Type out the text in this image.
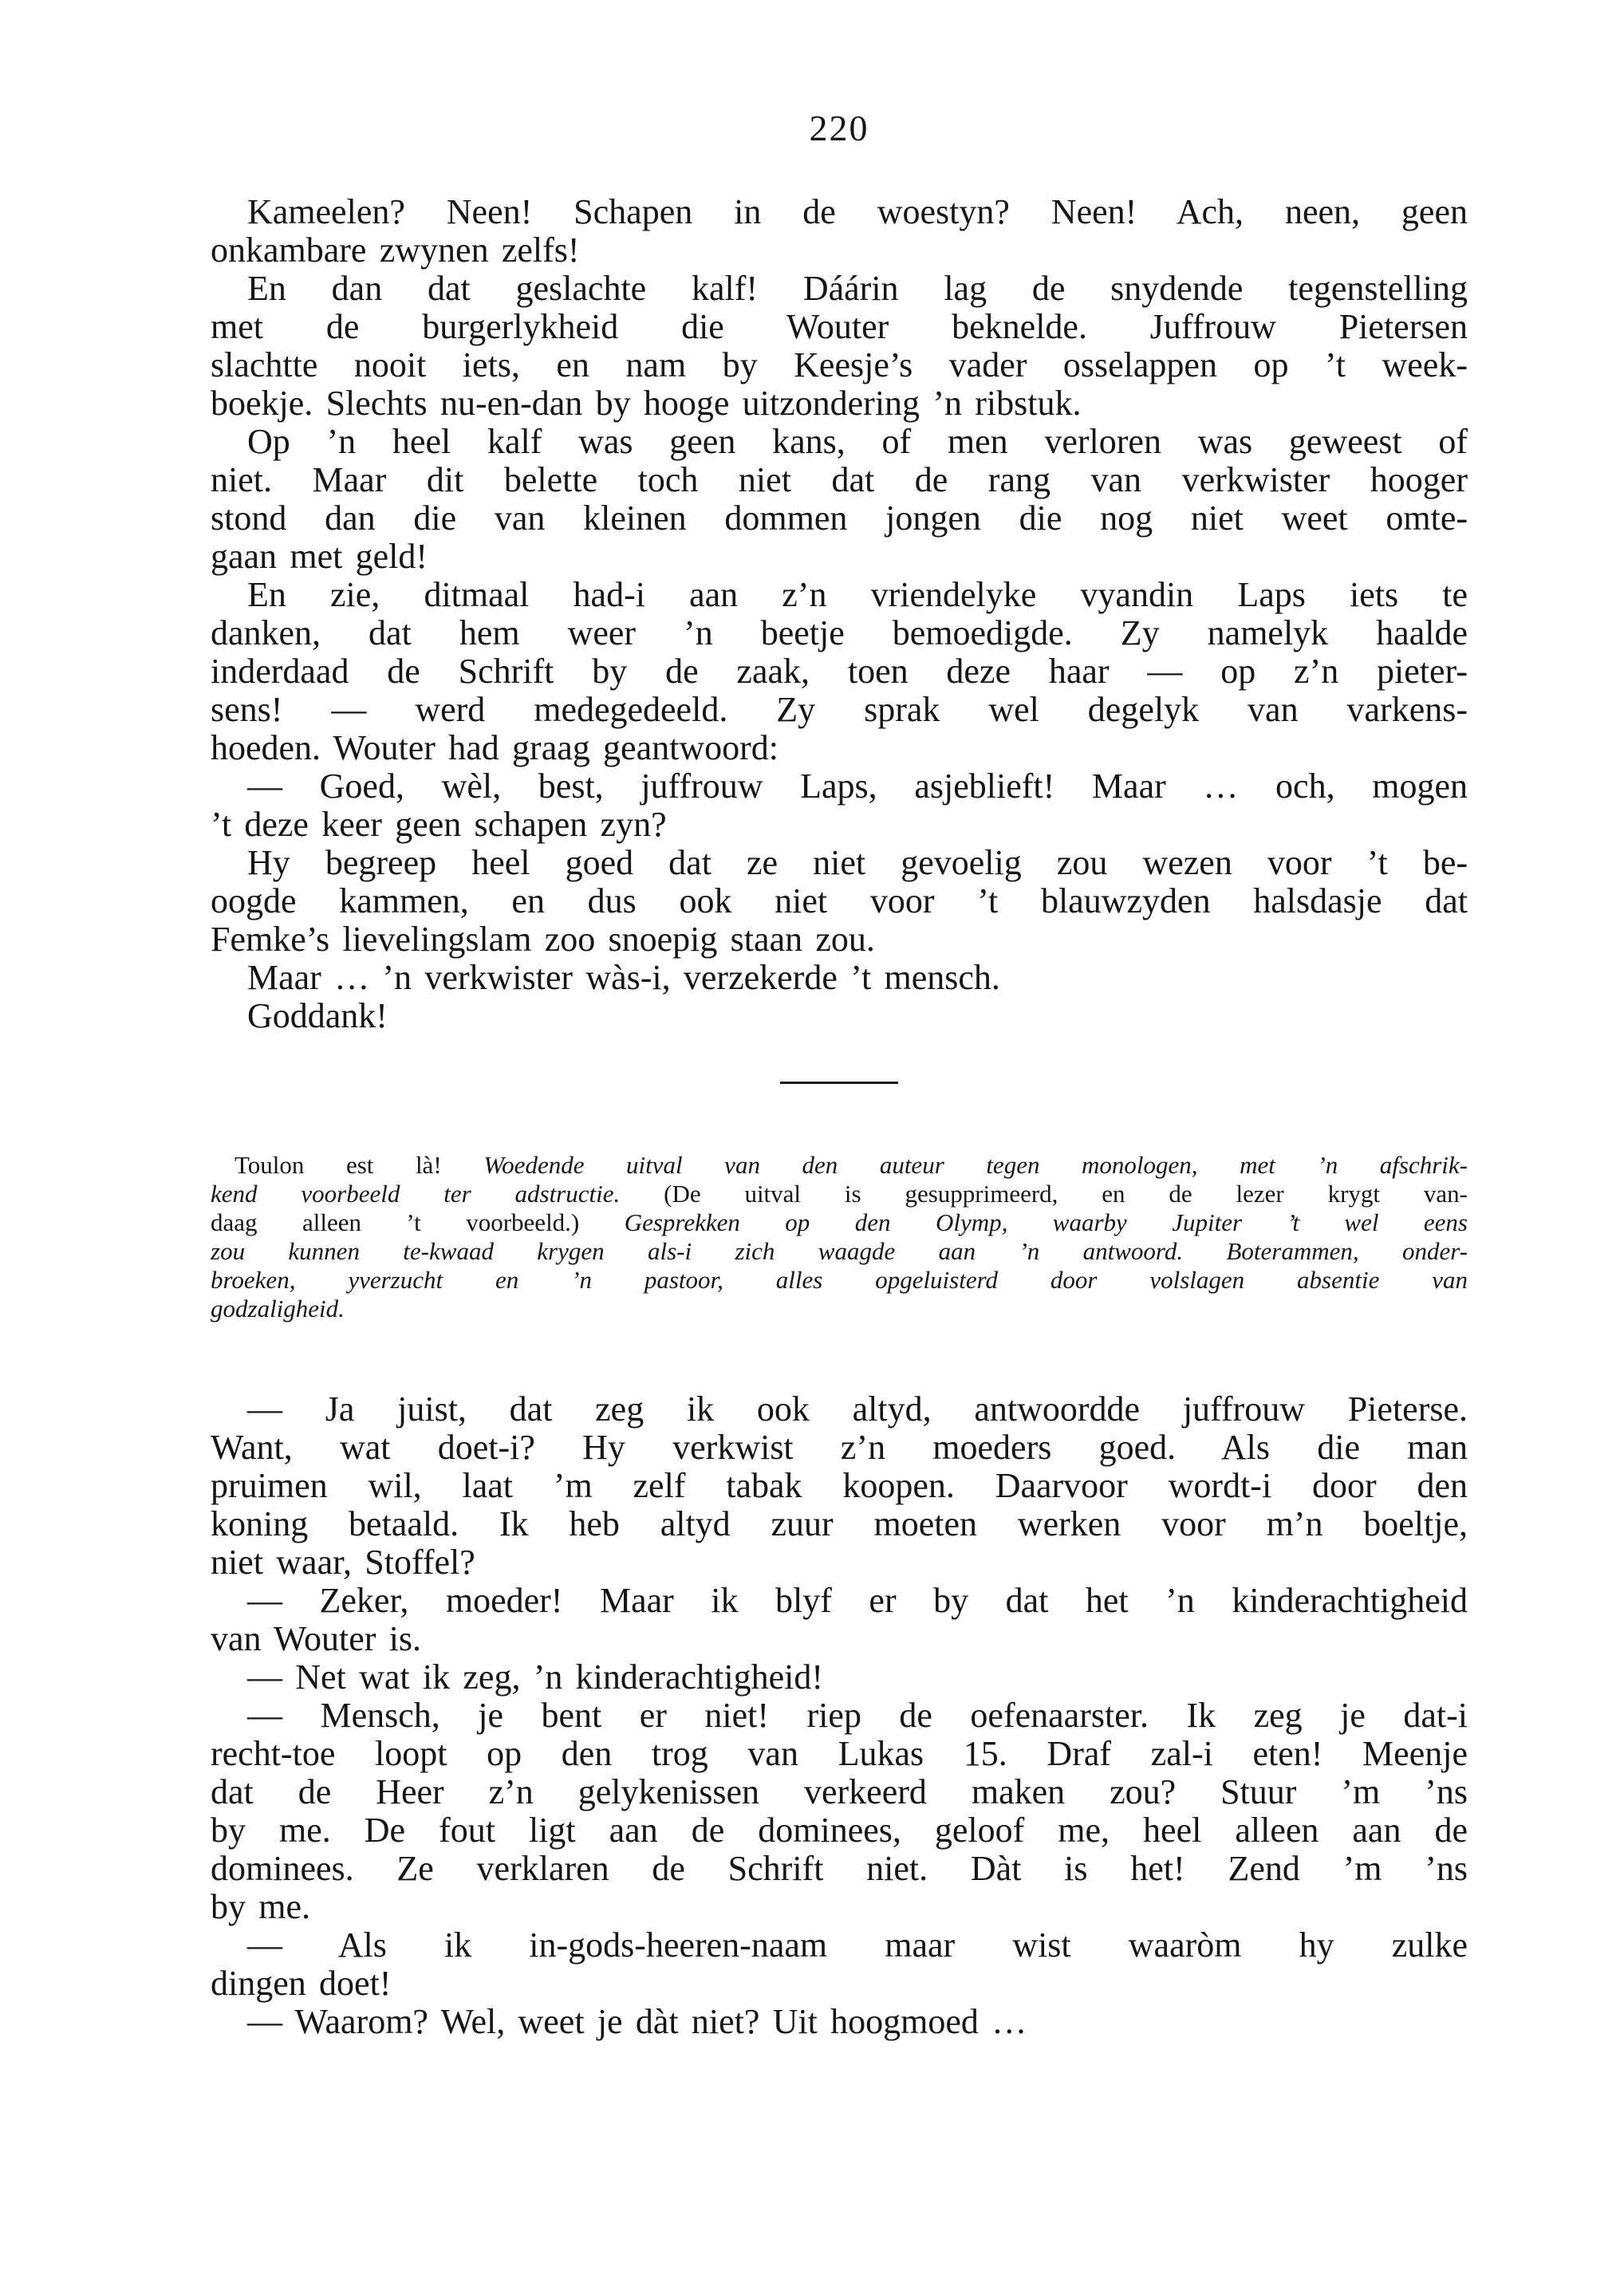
220
Kameelen? Neen! Schapen in de woestyn? Neen! Ach, neen, geen
onkambare zwynen zelfs!
En dan dat geslachte kalf! Dáárin lag de snydende tegenstelling
met de burgerlykheid die Wouter beknelde. Juffrouw Pietersen
slachtte nooit iets, en nam by Keesje’s vader osselappen op ’t week-
boekje. Slechts nu-en-dan by hooge uitzondering ’n ribstuk.
Op ’n heel kalf was geen kans, of men verloren was geweest of
niet. Maar dit belette toch niet dat de rang van verkwister hooger
stond dan die van kleinen dommen jongen die nog niet weet omte-
gaan met geld!
En zie, ditmaal had-i aan z’n vriendelyke vyandin Laps iets te
danken, dat hem weer ’n beetje bemoedigde. Zy namelyk haalde
inderdaad de Schrift by de zaak, toen deze haar — op z’n pieter-
sens! — werd medegedeeld. Zy sprak wel degelyk van varkens-
hoeden. Wouter had graag geantwoord:
— Goed, wèl, best, juffrouw Laps, asjeblieft! Maar … och, mogen
’t deze keer geen schapen zyn?
Hy begreep heel goed dat ze niet gevoelig zou wezen voor ’t be-
oogde kammen, en dus ook niet voor ’t blauwzyden halsdasje dat
Femke’s lievelingslam zoo snoepig staan zou.
Maar … ’n verkwister wàs-i, verzekerde ’t mensch.
Goddank!
Toulon est là! Woedende uitval van den auteur tegen monologen, met ’n afschrik-
kend voorbeeld ter adstructie. (De uitval is gesupprimeerd, en de lezer krygt van-
daag alleen ’t voorbeeld.) Gesprekken op den Olymp, waarby Jupiter ’t wel eens
zou kunnen te-kwaad krygen als-i zich waagde aan ’n antwoord. Boterammen, onder-
broeken, yverzucht en ’n pastoor, alles opgeluisterd door volslagen absentie van
godzaligheid.
— Ja juist, dat zeg ik ook altyd, antwoordde juffrouw Pieterse.
Want, wat doet-i? Hy verkwist z’n moeders goed. Als die man
pruimen wil, laat ’m zelf tabak koopen. Daarvoor wordt-i door den
koning betaald. Ik heb altyd zuur moeten werken voor m’n boeltje,
niet waar, Stoffel?
— Zeker, moeder! Maar ik blyf er by dat het ’n kinderachtigheid
van Wouter is.
— Net wat ik zeg, ’n kinderachtigheid!
— Mensch, je bent er niet! riep de oefenaarster. Ik zeg je dat-i
recht-toe loopt op den trog van Lukas 15. Draf zal-i eten! Meenje
dat de Heer z’n gelykenissen verkeerd maken zou? Stuur ’m ’ns
by me. De fout ligt aan de dominees, geloof me, heel alleen aan de
dominees. Ze verklaren de Schrift niet. Dàt is het! Zend ’m ’ns
by me.
— Als ik in-gods-heeren-naam maar wist waaròm hy zulke
dingen doet!
— Waarom? Wel, weet je dàt niet? Uit hoogmoed …
